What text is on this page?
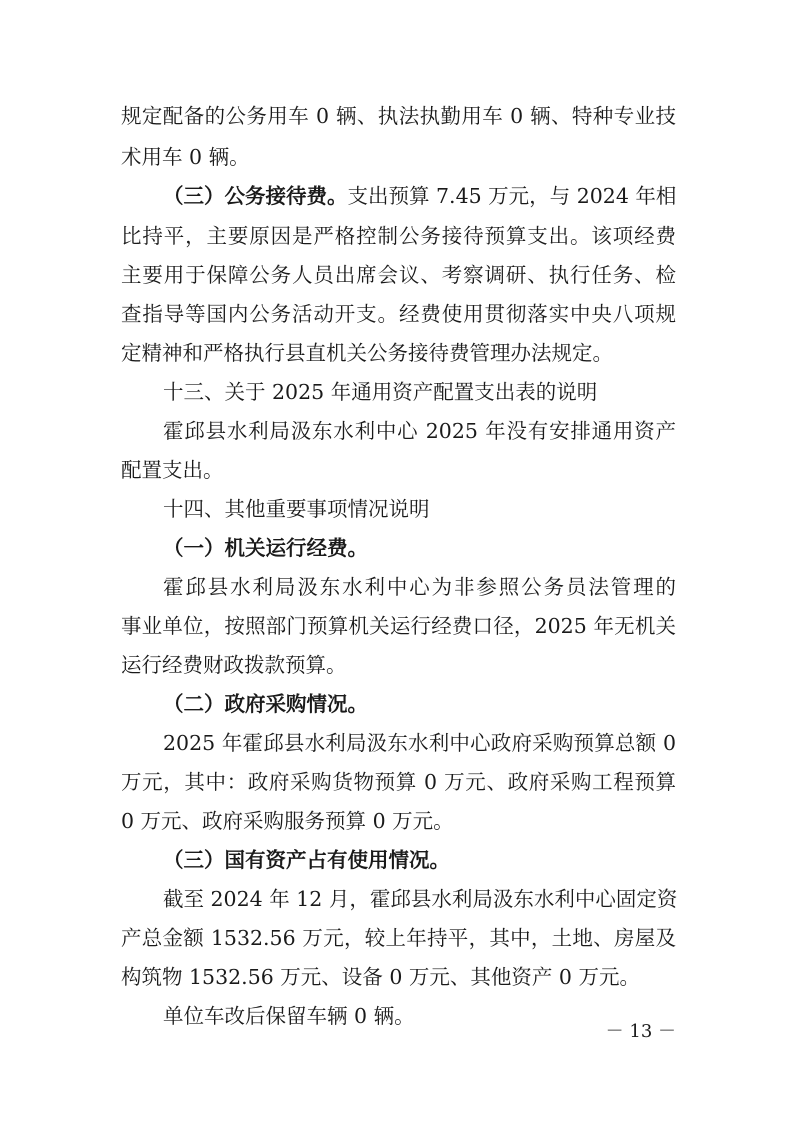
规定配备的公务用车 0 辆、执法执勤用车 0 辆、特种专业技
术用车 0 辆。
（三）公务接待费。支出预算 7.45 万元，与 2024 年相
比持平，主要原因是严格控制公务接待预算支出。该项经费
主要用于保障公务人员出席会议、考察调研、执行任务、检
查指导等国内公务活动开支。经费使用贯彻落实中央八项规
定精神和严格执行县直机关公务接待费管理办法规定。
十三、关于 2025 年通用资产配置支出表的说明
霍邱县水利局汲东水利中心 2025 年没有安排通用资产
配置支出。
十四、其他重要事项情况说明
（一）机关运行经费。
霍邱县水利局汲东水利中心为非参照公务员法管理的
事业单位，按照部门预算机关运行经费口径，2025 年无机关
运行经费财政拨款预算。
（二）政府采购情况。
2025 年霍邱县水利局汲东水利中心政府采购预算总额 0
万元，其中：政府采购货物预算 0 万元、政府采购工程预算
0 万元、政府采购服务预算 0 万元。
（三）国有资产占有使用情况。
截至 2024 年 12 月，霍邱县水利局汲东水利中心固定资
产总金额 1532.56 万元，较上年持平，其中，土地、房屋及
构筑物 1532.56 万元、设备 0 万元、其他资产 0 万元。
单位车改后保留车辆 0 辆。
－ 13 －
